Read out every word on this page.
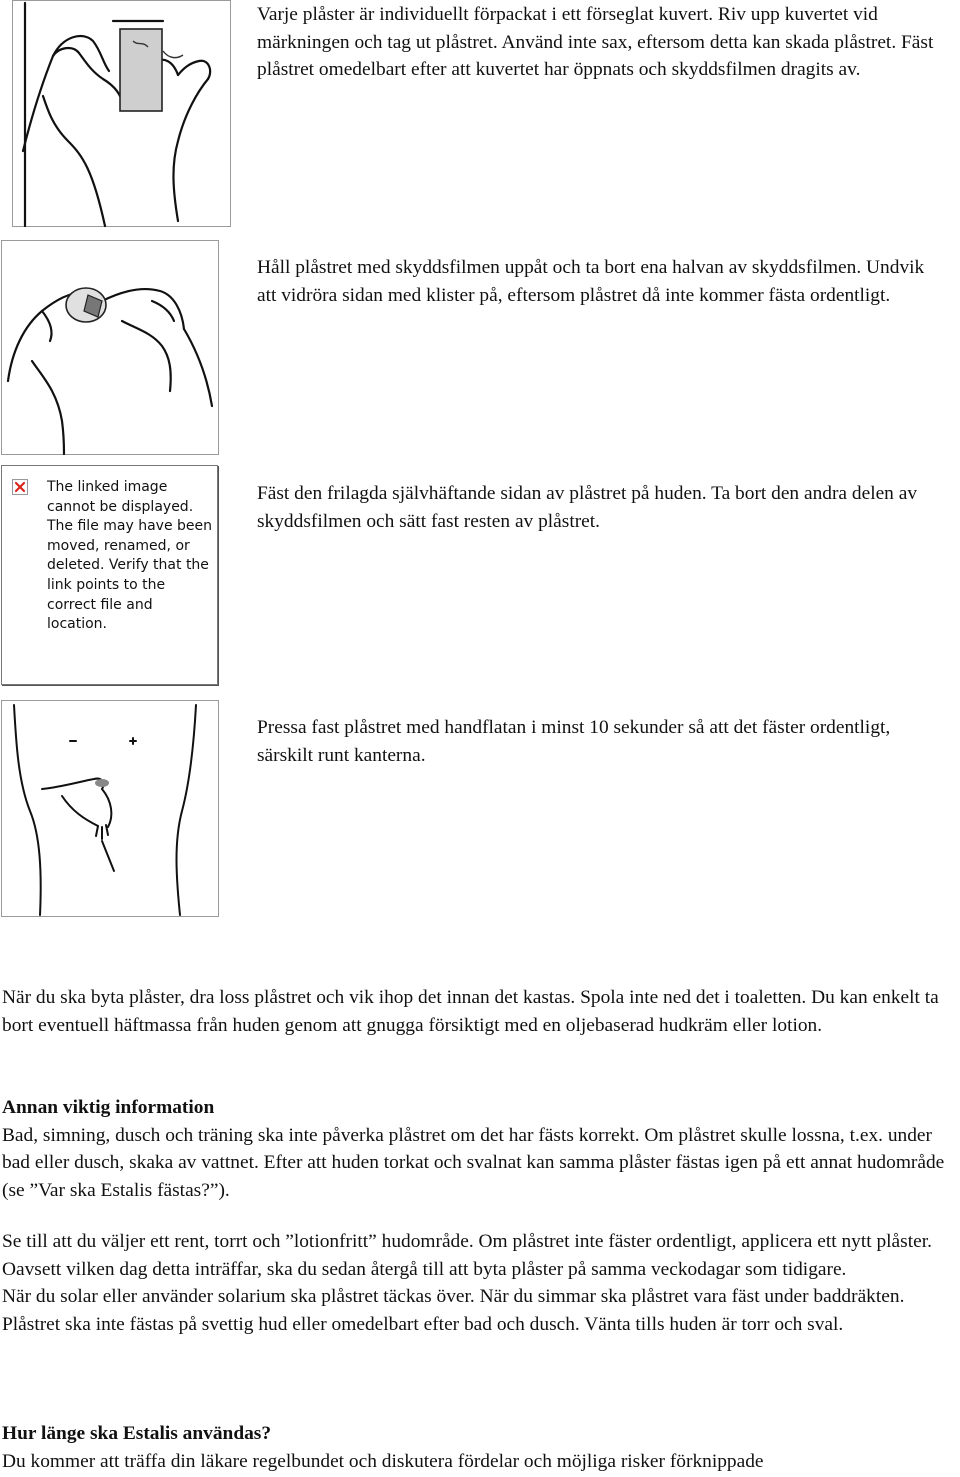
Varje plåster är individuellt förpackat i ett förseglat kuvert. Riv upp kuvertet vid märkningen och tag ut plåstret. Använd inte sax, eftersom detta kan skada plåstret. Fäst plåstret omedelbart efter att kuvertet har öppnats och skyddsfilmen dragits av.

Håll plåstret med skyddsfilmen uppåt och ta bort ena halvan av skyddsfilmen. Undvik att vidröra sidan med klister på, eftersom plåstret då inte kommer fästa ordentligt.

The linked image cannot be displayed. The file may have been moved, renamed, or deleted. Verify that the link points to the correct file and location.

Fäst den frilagda självhäftande sidan av plåstret på huden. Ta bort den andra delen av skyddsfilmen och sätt fast resten av plåstret.

Pressa fast plåstret med handflatan i minst 10 sekunder så att det fäster ordentligt, särskilt runt kanterna.

När du ska byta plåster, dra loss plåstret och vik ihop det innan det kastas. Spola inte ned det i toaletten. Du kan enkelt ta bort eventuell häftmassa från huden genom att gnugga försiktigt med en oljebaserad hudkräm eller lotion.

Annan viktig information

Bad, simning, dusch och träning ska inte påverka plåstret om det har fästs korrekt. Om plåstret skulle lossna, t.ex. under bad eller dusch, skaka av vattnet. Efter att huden torkat och svalnat kan samma plåster fästas igen på ett annat hudområde (se ”Var ska Estalis fästas?”).

Se till att du väljer ett rent, torrt och ”lotionfritt” hudområde. Om plåstret inte fäster ordentligt, applicera ett nytt plåster. Oavsett vilken dag detta inträffar, ska du sedan återgå till att byta plåster på samma veckodagar som tidigare.

När du solar eller använder solarium ska plåstret täckas över. När du simmar ska plåstret vara fäst under baddräkten. Plåstret ska inte fästas på svettig hud eller omedelbart efter bad och dusch. Vänta tills huden är torr och sval.

Hur länge ska Estalis användas?

Du kommer att träffa din läkare regelbundet och diskutera fördelar och möjliga risker förknippade
